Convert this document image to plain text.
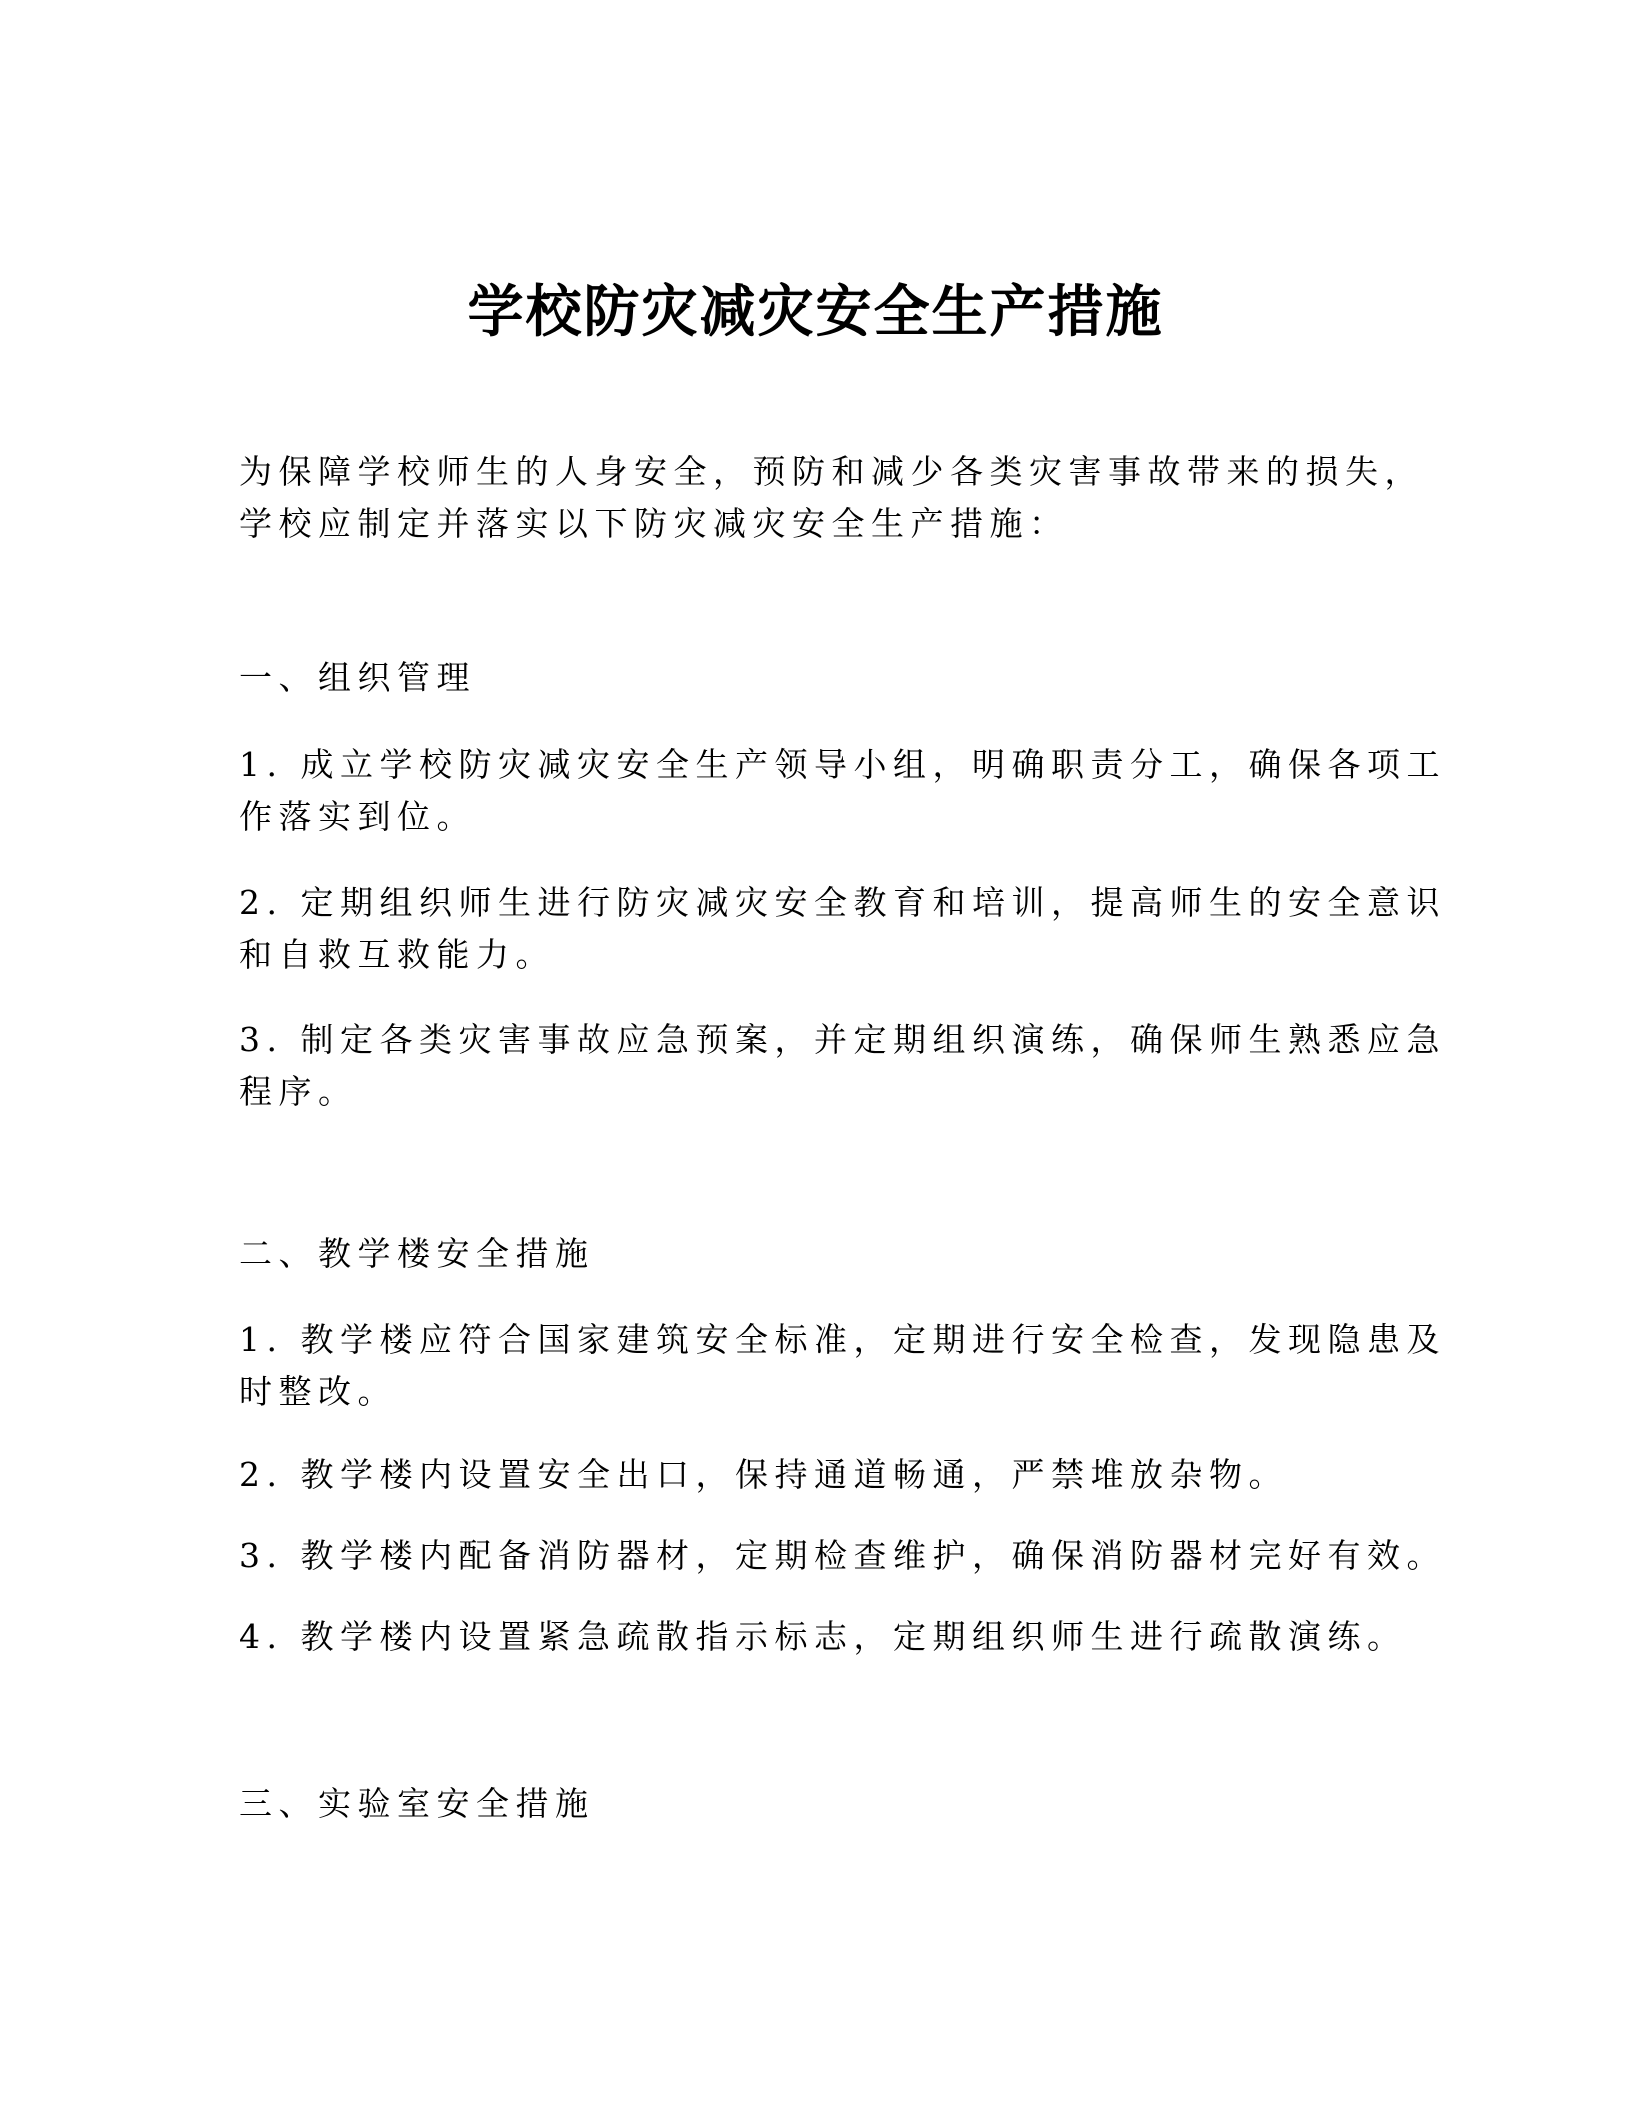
学校防灾减灾安全生产措施
为保障学校师生的人身安全，预防和减少各类灾害事故带来的损失，
学校应制定并落实以下防灾减灾安全生产措施：
一、组织管理
1. 成立学校防灾减灾安全生产领导小组，明确职责分工，确保各项工
作落实到位。
2. 定期组织师生进行防灾减灾安全教育和培训，提高师生的安全意识
和自救互救能力。
3. 制定各类灾害事故应急预案，并定期组织演练，确保师生熟悉应急
程序。
二、教学楼安全措施
1. 教学楼应符合国家建筑安全标准，定期进行安全检查，发现隐患及
时整改。
2. 教学楼内设置安全出口，保持通道畅通，严禁堆放杂物。
3. 教学楼内配备消防器材，定期检查维护，确保消防器材完好有效。
4. 教学楼内设置紧急疏散指示标志，定期组织师生进行疏散演练。
三、实验室安全措施
